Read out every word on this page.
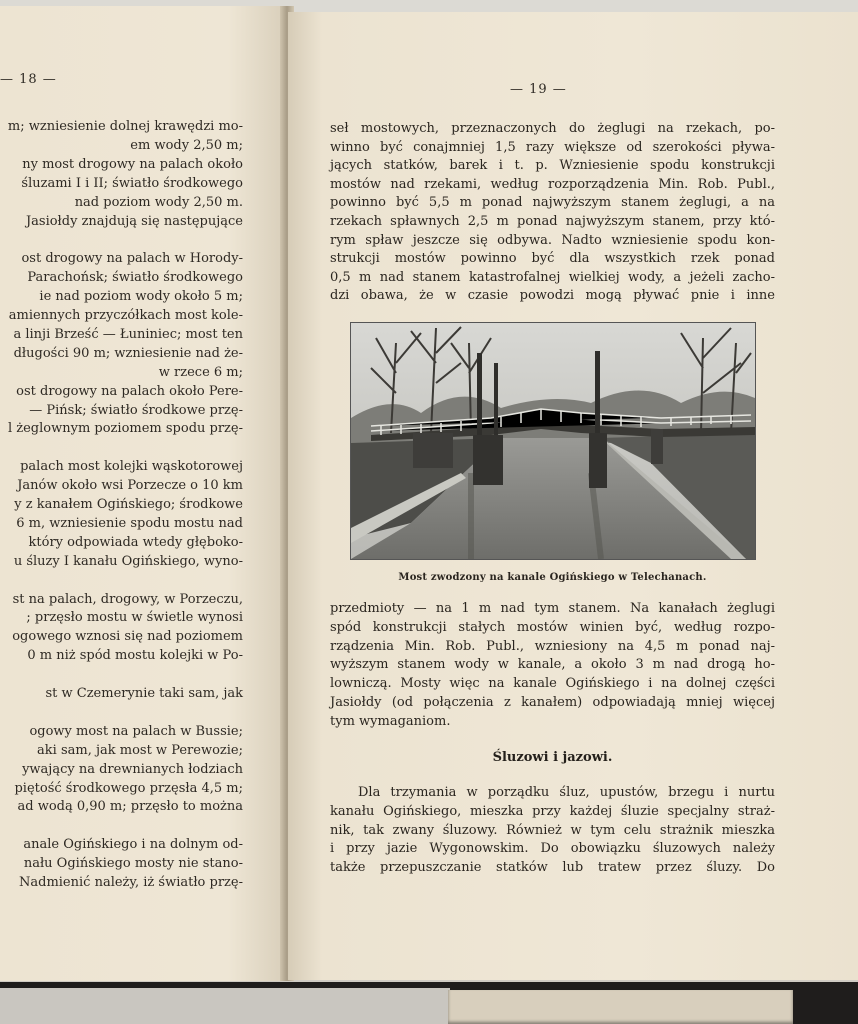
— 18 —
m; wzniesienie dolnej krawędzi mo-
em wody 2,50 m;
ny most drogowy na palach około
śluzami I i II; światło środkowego
nad poziom wody 2,50 m.
Jasiołdy znajdują się następujące
ost drogowy na palach w Horody-
Parachońsk; światło środkowego
ie nad poziom wody około 5 m;
amiennych przyczółkach most kole-
a linji Brześć — Łuniniec; most ten
długości 90 m; wzniesienie nad że-
w rzece 6 m;
ost drogowy na palach około Pere-
— Pińsk; światło środkowe przę-
l żeglownym poziomem spodu przę-
palach most kolejki wąskotorowej
Janów około wsi Porzecze o 10 km
y z kanałem Ogińskiego; środkowe
6 m, wzniesienie spodu mostu nad
który odpowiada wtedy głęboko-
u śluzy I kanału Ogińskiego, wyno-
st na palach, drogowy, w Porzeczu,
; przęsło mostu w świetle wynosi
ogowego wznosi się nad poziomem
0 m niż spód mostu kolejki w Po-
st w Czemerynie taki sam, jak
ogowy most na palach w Bussie;
aki sam, jak most w Perewozie;
ywający na drewnianych łodziach
piętość środkowego przęsła 4,5 m;
ad wodą 0,90 m; przęsło to można
anale Ogińskiego i na dolnym od-
nału Ogińskiego mosty nie stano-
Nadmienić należy, iż światło przę-
— 19 —
seł mostowych, przeznaczonych do żeglugi na rzekach, po-
winno być conajmniej 1,5 razy większe od szerokości pływa-
jących statków, barek i t. p. Wzniesienie spodu konstrukcji
mostów nad rzekami, według rozporządzenia Min. Rob. Publ.,
powinno być 5,5 m ponad najwyższym stanem żeglugi, a na
rzekach spławnych 2,5 m ponad najwyższym stanem, przy któ-
rym spław jeszcze się odbywa. Nadto wzniesienie spodu kon-
strukcji mostów powinno być dla wszystkich rzek ponad
0,5 m nad stanem katastrofalnej wielkiej wody, a jeżeli zacho-
dzi obawa, że w czasie powodzi mogą pływać pnie i inne
Most zwodzony na kanale Ogińskiego w Telechanach.
przedmioty — na 1 m nad tym stanem. Na kanałach żeglugi
spód konstrukcji stałych mostów winien być, według rozpo-
rządzenia Min. Rob. Publ., wzniesiony na 4,5 m ponad naj-
wyższym stanem wody w kanale, a około 3 m nad drogą ho-
lowniczą. Mosty więc na kanale Ogińskiego i na dolnej części
Jasiołdy (od połączenia z kanałem) odpowiadają mniej więcej
tym wymaganiom.
Śluzowi i jazowi.
Dla trzymania w porządku śluz, upustów, brzegu i nurtu
kanału Ogińskiego, mieszka przy każdej śluzie specjalny straż-
nik, tak zwany śluzowy. Również w tym celu strażnik mieszka
i przy jazie Wygonowskim. Do obowiązku śluzowych należy
także przepuszczanie statków lub tratew przez śluzy. Do
